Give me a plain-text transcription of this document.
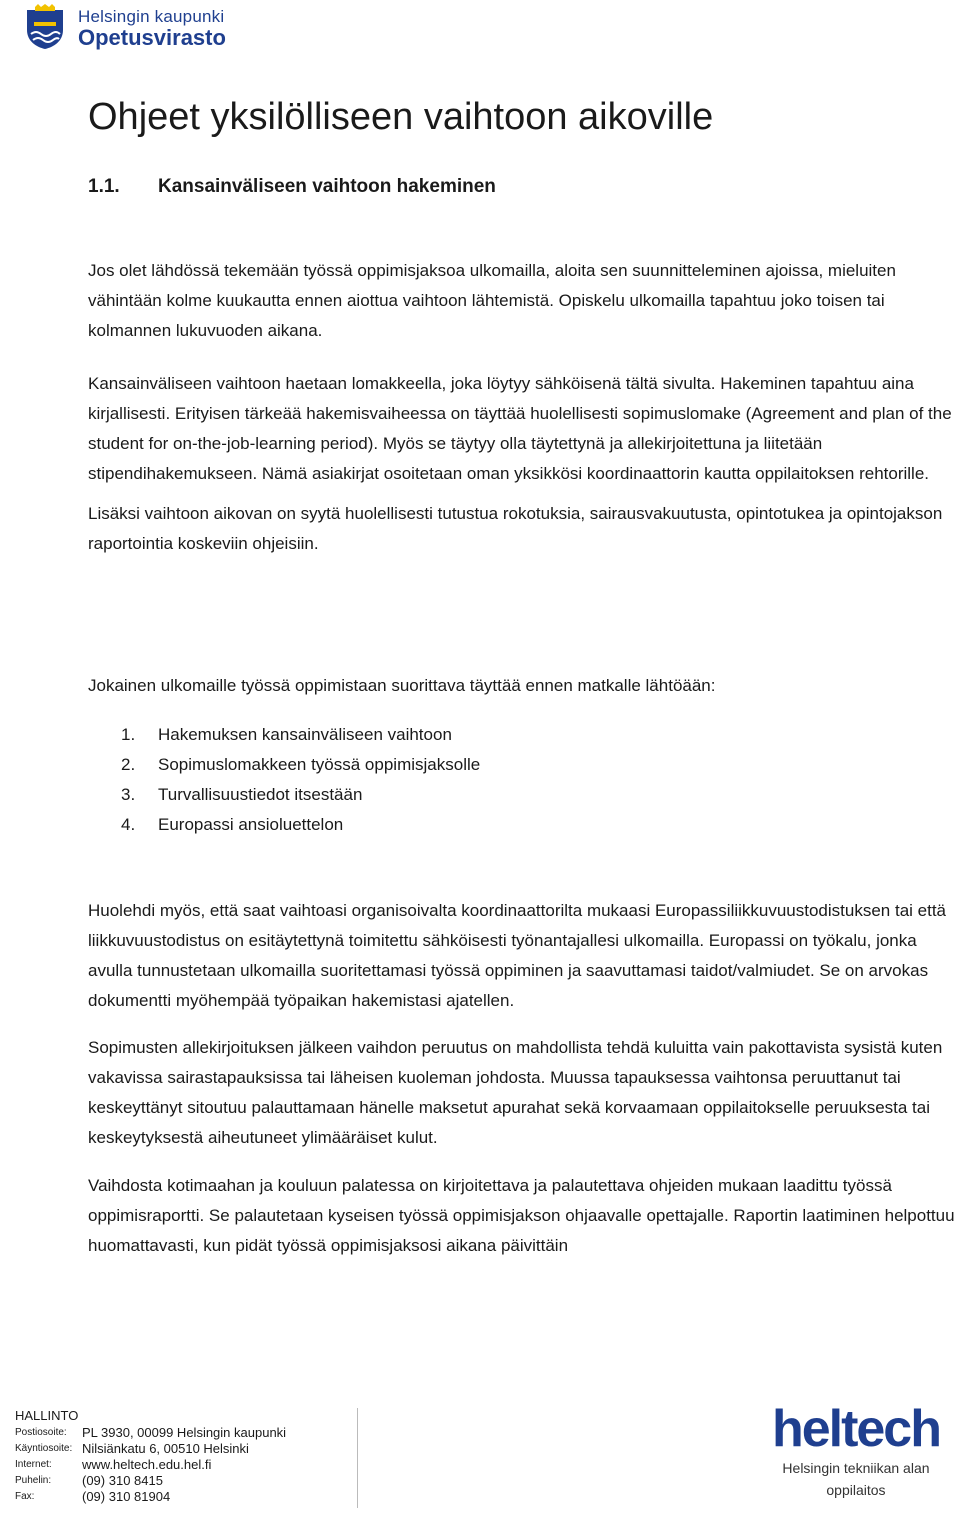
Helsingin kaupunki
Opetusvirasto
Ohjeet yksilölliseen vaihtoon aikoville
1.1. Kansainväliseen vaihtoon hakeminen

Jos olet lähdössä tekemään työssä oppimisjaksoa ulkomailla, aloita sen suunnitteleminen ajoissa, mieluiten vähintään kolme kuukautta ennen aiottua vaihtoon lähtemistä. Opiskelu ulkomailla tapahtuu joko toisen tai kolmannen lukuvuoden aikana.

Kansainväliseen vaihtoon haetaan lomakkeella, joka löytyy sähköisenä tältä sivulta. Hakeminen tapahtuu aina kirjallisesti. Erityisen tärkeää hakemisvaiheessa on täyttää huolellisesti sopimuslomake (Agreement and plan of the student for on-the-job-learning period). Myös se täytyy olla täytettynä ja allekirjoitettuna ja liitetään stipendihakemukseen. Nämä asiakirjat osoitetaan oman yksikkösi koordinaattorin kautta oppilaitoksen rehtorille.

Lisäksi vaihtoon aikovan on syytä huolellisesti tutustua rokotuksia, sairausvakuutusta, opintotukea ja opintojakson raportointia koskeviin ohjeisiin.

Jokainen ulkomaille työssä oppimistaan suorittava täyttää ennen matkalle lähtöään:

1.	Hakemuksen kansainväliseen vaihtoon
2.	Sopimuslomakkeen työssä oppimisjaksolle
3.	Turvallisuustiedot itsestään
4.	Europassi ansioluettelon

Huolehdi myös, että saat vaihtoasi organisoivalta koordinaattorilta mukaasi Europassiliikkuvuustodistuksen tai että liikkuvuustodistus on esitäytettynä toimitettu sähköisesti työnantajallesi ulkomailla. Europassi on työkalu, jonka avulla tunnustetaan ulkomailla suoritettamasi työssä oppiminen ja saavuttamasi taidot/valmiudet. Se on arvokas dokumentti myöhempää työpaikan hakemistasi ajatellen.

Sopimusten allekirjoituksen jälkeen vaihdon peruutus on mahdollista tehdä kuluitta vain pakottavista sysistä kuten vakavissa sairastapauksissa tai läheisen kuoleman johdosta. Muussa tapauksessa vaihtonsa peruuttanut tai keskeyttänyt sitoutuu palauttamaan hänelle maksetut apurahat sekä korvaamaan oppilaitokselle peruuksesta tai keskeytyksestä aiheutuneet ylimääräiset kulut.

Vaihdosta kotimaahan ja kouluun palatessa on kirjoitettava ja palautettava ohjeiden mukaan laadittu työssä oppimisraportti. Se palautetaan kyseisen työssä oppimisjakson ohjaavalle opettajalle. Raportin laatiminen helpottuu huomattavasti, kun pidät työssä oppimisjaksosi aikana päivittäin

HALLINTO
Postiosoite:	PL 3930, 00099 Helsingin kaupunki
Käyntiosoite: Nilsiänkatu 6, 00510 Helsinki
Internet:	www.heltech.edu.hel.fi
Puhelin:	(09) 310 8415
Fax:	(09) 310 81904
heltech
Helsingin tekniikan alan
oppilaitos
